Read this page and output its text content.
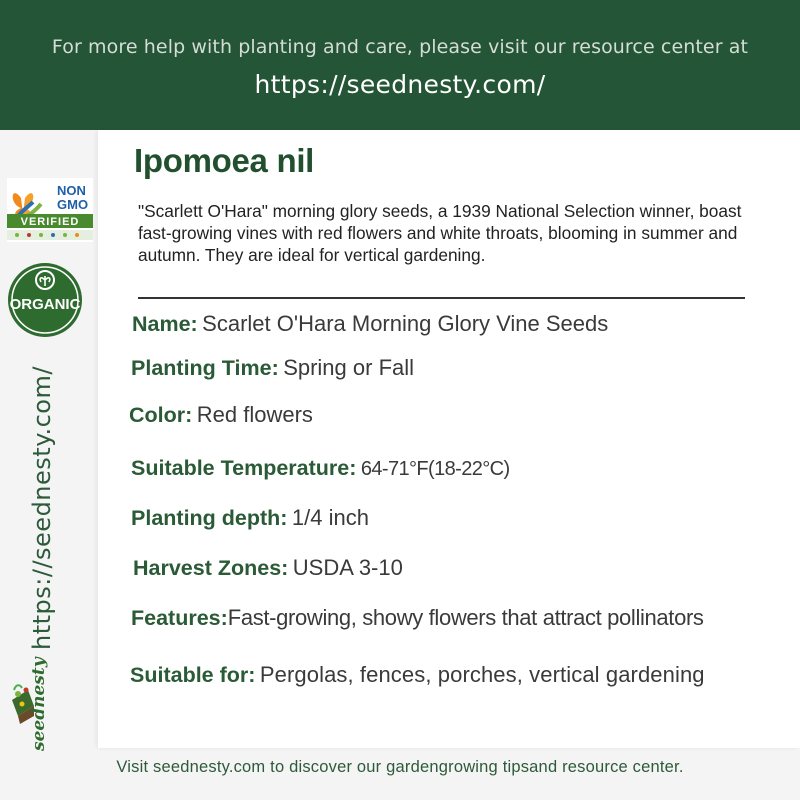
For more help with planting and care, please visit our resource center at
https://seednesty.com/
NON
GMO
VERIFIED
ORGANIC
https://seednesty.com/
seednesty
Ipomoea nil
"Scarlett O'Hara" morning glory seeds, a 1939 National Selection winner, boast fast-growing vines with red flowers and white throats, blooming in summer and autumn. They are ideal for vertical gardening.
Name: Scarlet O'Hara Morning Glory Vine Seeds
Planting Time: Spring or Fall
Color: Red flowers
Suitable Temperature: 64-71°F(18-22°C)
Planting depth: 1/4 inch
Harvest Zones: USDA 3-10
Features:Fast-growing, showy flowers that attract pollinators
Suitable for: Pergolas, fences, porches, vertical gardening
Visit seednesty.com to discover our gardengrowing tipsand resource center.
